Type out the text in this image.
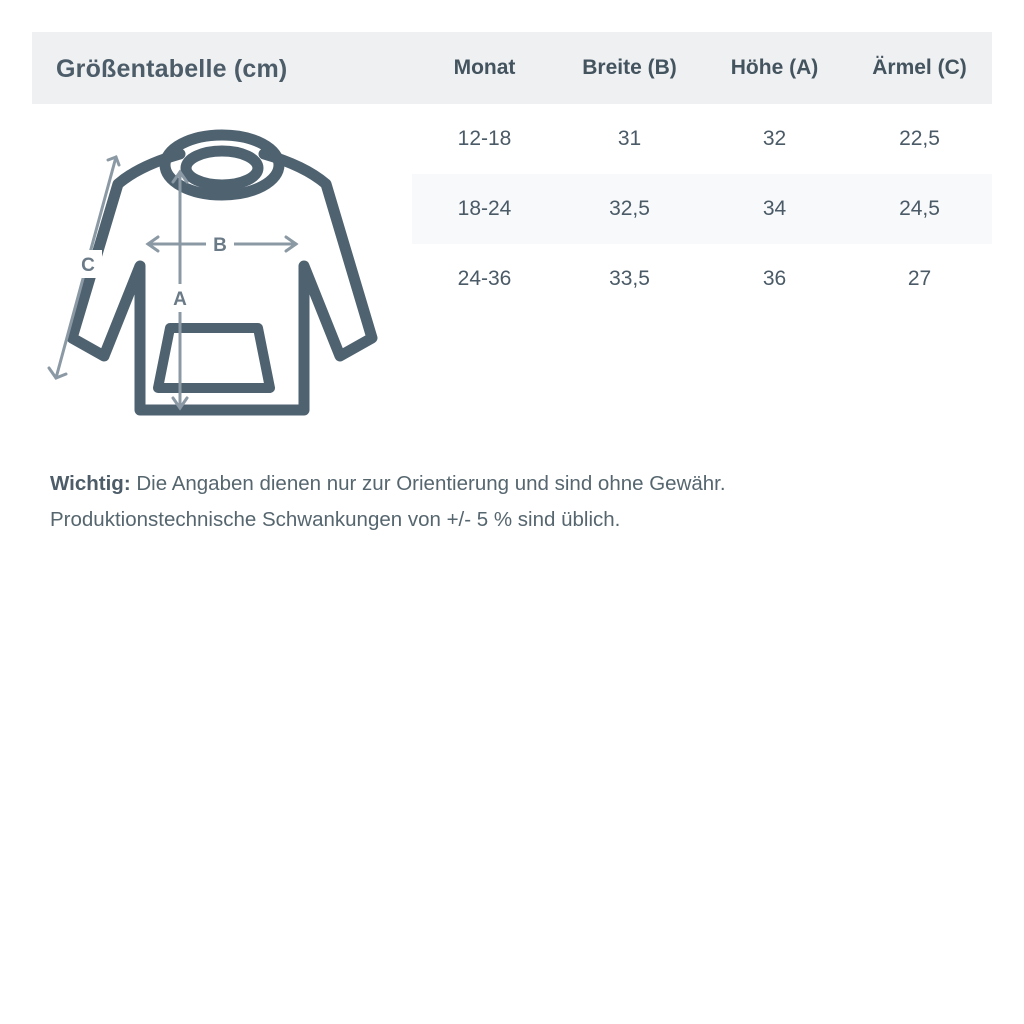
Größentabelle (cm)
B
A
C
Monat	Breite (B)	Höhe (A)	Ärmel (C)
12-18	31	32	22,5
18-24	32,5	34	24,5
24-36	33,5	36	27
Wichtig: Die Angaben dienen nur zur Orientierung und sind ohne Gewähr.
Produktionstechnische Schwankungen von +/- 5 % sind üblich.
